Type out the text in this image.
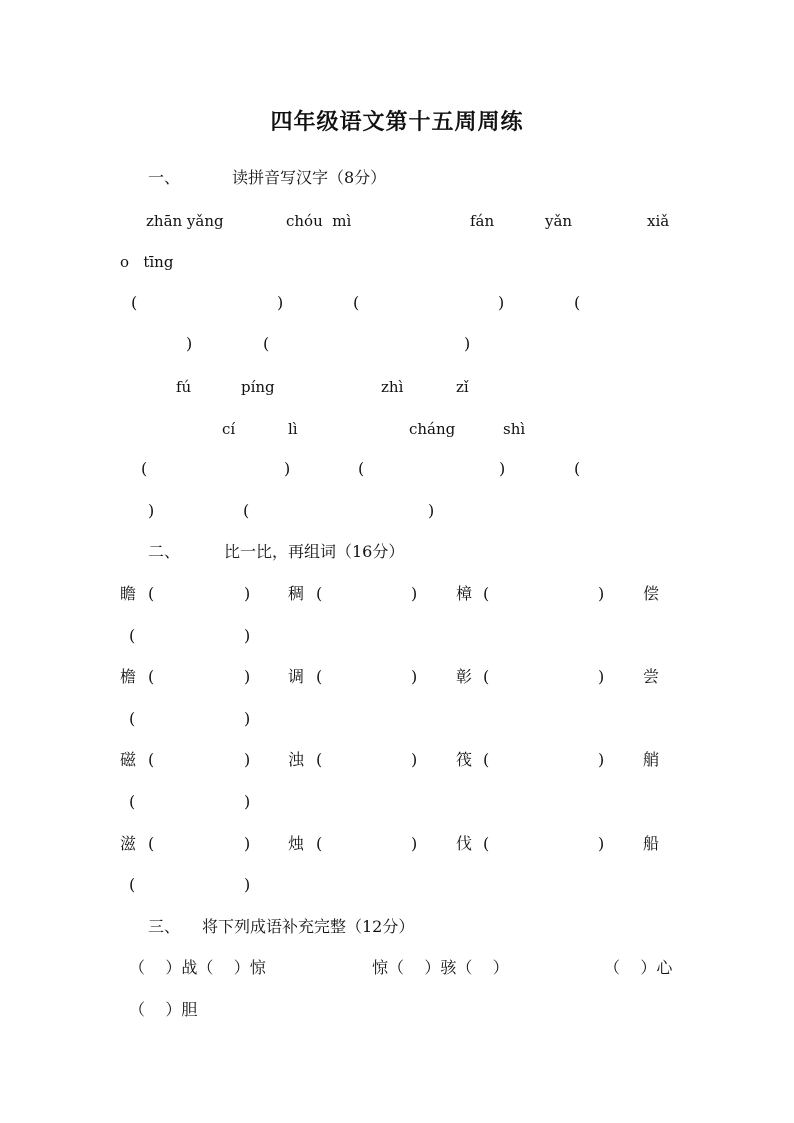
四年级语文第十五周周练
一、	读拼音写汉字（8分）
zhān yǎng	chóu  mì	fán	yǎn	xiǎ
o   tīng
(	)	(	)	(
)	(	)
fú	píng	zhì	zǐ
cí	lì	cháng	shì
(	)	(	)	(
)	(	)
二、	比一比，再组词（16分）
瞻 (	) 稠 (	) 樟 (	) 偿
(	)
檐 (	) 调 (	) 彰 (	) 尝
(	)
磁 (	) 浊 (	) 筏 (	) 艄
(	)
滋 (	) 烛 (	) 伐 (	) 船
(	)
三、 将下列成语补充完整（12分）
（    ）战（    ）惊	惊（    ）骇（    ）	（    ）心
（    ）胆
